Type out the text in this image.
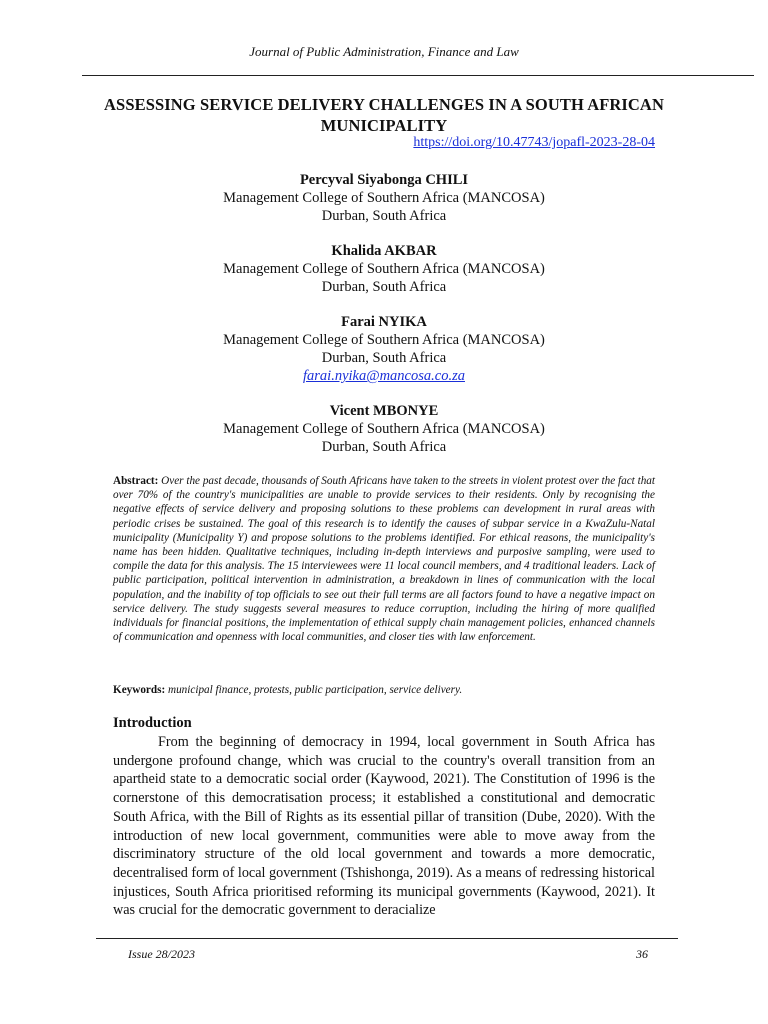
Journal of Public Administration, Finance and Law
ASSESSING SERVICE DELIVERY CHALLENGES IN A SOUTH AFRICAN MUNICIPALITY
https://doi.org/10.47743/jopafl-2023-28-04
Percyval Siyabonga CHILI
Management College of Southern Africa (MANCOSA)
Durban, South Africa
Khalida AKBAR
Management College of Southern Africa (MANCOSA)
Durban, South Africa
Farai NYIKA
Management College of Southern Africa (MANCOSA)
Durban, South Africa
farai.nyika@mancosa.co.za
Vicent MBONYE
Management College of Southern Africa (MANCOSA)
Durban, South Africa
Abstract: Over the past decade, thousands of South Africans have taken to the streets in violent protest over the fact that over 70% of the country's municipalities are unable to provide services to their residents. Only by recognising the negative effects of service delivery and proposing solutions to these problems can development in rural areas with periodic crises be sustained. The goal of this research is to identify the causes of subpar service in a KwaZulu-Natal municipality (Municipality Y) and propose solutions to the problems identified. For ethical reasons, the municipality's name has been hidden. Qualitative techniques, including in-depth interviews and purposive sampling, were used to compile the data for this analysis. The 15 interviewees were 11 local council members, and 4 traditional leaders. Lack of public participation, political intervention in administration, a breakdown in lines of communication with the local population, and the inability of top officials to see out their full terms are all factors found to have a negative impact on service delivery. The study suggests several measures to reduce corruption, including the hiring of more qualified individuals for financial positions, the implementation of ethical supply chain management policies, enhanced channels of communication and openness with local communities, and closer ties with law enforcement.
Keywords: municipal finance, protests, public participation, service delivery.
Introduction
From the beginning of democracy in 1994, local government in South Africa has undergone profound change, which was crucial to the country's overall transition from an apartheid state to a democratic social order (Kaywood, 2021). The Constitution of 1996 is the cornerstone of this democratisation process; it established a constitutional and democratic South Africa, with the Bill of Rights as its essential pillar of transition (Dube, 2020). With the introduction of new local government, communities were able to move away from the discriminatory structure of the old local government and towards a more democratic, decentralised form of local government (Tshishonga, 2019). As a means of redressing historical injustices, South Africa prioritised reforming its municipal governments (Kaywood, 2021). It was crucial for the democratic government to deracialize
Issue 28/2023	36
